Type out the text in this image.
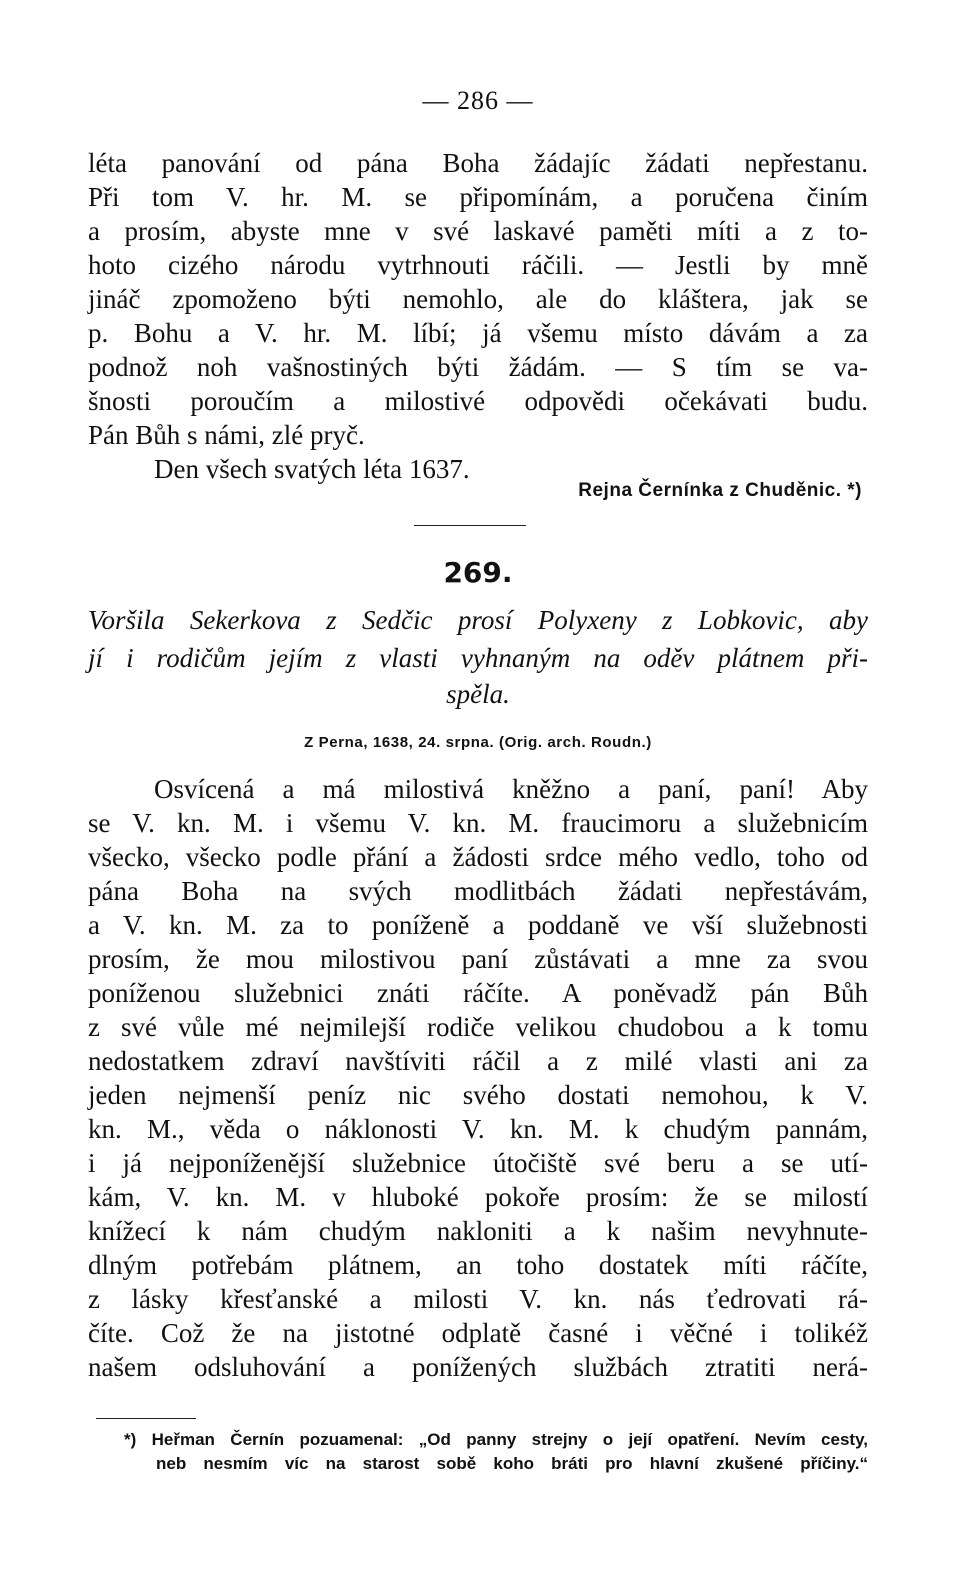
— 286 —
léta panování od pána Boha žádajíc žádati nepřestanu.
Při tom V. hr. M. se připomínám, a poručena činím
a prosím, abyste mne v své laskavé paměti míti a z to-
hoto cizého národu vytrhnouti ráčili. — Jestli by mně
jináč zpomoženo býti nemohlo, ale do kláštera, jak se
p. Bohu a V. hr. M. líbí; já všemu místo dávám a za
podnož noh vašnostiných býti žádám. — S tím se va-
šnosti poroučím a milostivé odpovědi očekávati budu.
Pán Bůh s námi, zlé pryč.
Den všech svatých léta 1637.
Rejna Černínka z Chuděnic. *)
269.
Voršila Sekerkova z Sedčic prosí Polyxeny z Lobkovic, aby
jí i rodičům jejím z vlasti vyhnaným na oděv plátnem při-
spěla.
Z Perna, 1638, 24. srpna. (Orig. arch. Roudn.)
Osvícená a má milostivá kněžno a paní, paní! Aby
se V. kn. M. i všemu V. kn. M. fraucimoru a služebnicím
všecko, všecko podle přání a žádosti srdce mého vedlo, toho od
pána Boha na svých modlitbách žádati nepřestávám,
a V. kn. M. za to poníženě a poddaně ve vší služebnosti
prosím, že mou milostivou paní zůstávati a mne za svou
poníženou služebnici znáti ráčíte. A poněvadž pán Bůh
z své vůle mé nejmilejší rodiče velikou chudobou a k tomu
nedostatkem zdraví navštíviti ráčil a z milé vlasti ani za
jeden nejmenší peníz nic svého dostati nemohou, k V.
kn. M., věda o náklonosti V. kn. M. k chudým pannám,
i já nejponíženější služebnice útočiště své beru a se utí-
kám, V. kn. M. v hluboké pokoře prosím: že se milostí
knížecí k nám chudým nakloniti a k našim nevyhnute-
dlným potřebám plátnem, an toho dostatek míti ráčíte,
z lásky křesťanské a milosti V. kn. nás ťedrovati rá-
číte. Což že na jistotné odplatě časné i věčné i tolikéž
našem odsluhování a ponížených službách ztratiti nerá-
*) Heřman Černín pozuamenal: „Od panny strejny o její opatření. Nevím cesty,
neb nesmím víc na starost sobě koho bráti pro hlavní zkušené příčiny.“
